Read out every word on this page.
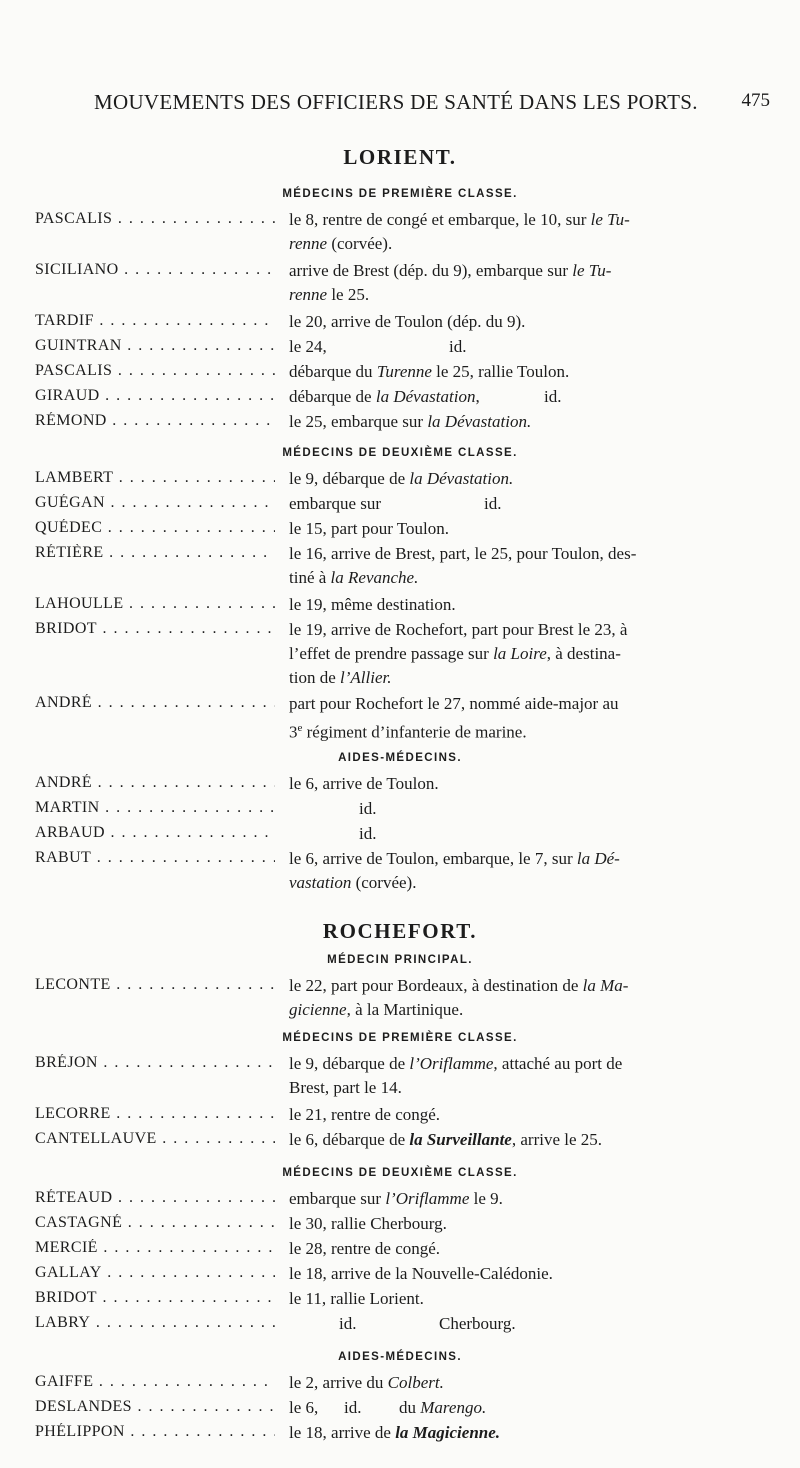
MOUVEMENTS DES OFFICIERS DE SANTÉ DANS LES PORTS. 475
LORIENT.
MÉDECINS DE PREMIÈRE CLASSE.
PASCALIS . . .	le 8, rentre de congé et embarque, le 10, sur le Tu-
renne (corvée).
SICILIANO . . .	arrive de Brest (dép. du 9), embarque sur le Tu-
renne le 25.
TARDIF . . .	le 20, arrive de Toulon (dép. du 9).
GUINTRAN . . .	le 24,	id.
PASCALIS . . .	débarque du Turenne le 25, rallie Toulon.
GIRAUD . . .	débarque de la Dévastation,	id.
RÉMOND . . .	le 25, embarque sur la Dévastation.
MÉDECINS DE DEUXIÈME CLASSE.
LAMBERT . . .	le 9, débarque de la Dévastation.
GUÉGAN . . .	embarque sur	id.
QUÉDEC . . .	le 15, part pour Toulon.
RÉTIÈRE . . .	le 16, arrive de Brest, part, le 25, pour Toulon, des-
tiné à la Revanche.
LAHOULLE . . .	le 19, même destination.
BRIDOT . . .	le 19, arrive de Rochefort, part pour Brest le 23, à
l’effet de prendre passage sur la Loire, à destina-
tion de l’Allier.
ANDRÉ . . .	part pour Rochefort le 27, nommé aide-major au
3e régiment d’infanterie de marine.
AIDES-MÉDECINS.
ANDRÉ . . .	le 6, arrive de Toulon.
MARTIN . . .	id.
ARBAUD . . .	id.
RABUT . . .	le 6, arrive de Toulon, embarque, le 7, sur la Dé-
vastation (corvée).
ROCHEFORT.
MÉDECIN PRINCIPAL.
LECONTE . . .	le 22, part pour Bordeaux, à destination de la Ma-
gicienne, à la Martinique.
MÉDECINS DE PREMIÈRE CLASSE.
BRÉJON . . .	le 9, débarque de l’Oriflamme, attaché au port de
Brest, part le 14.
LECORRE . . .	le 21, rentre de congé.
CANTELLAUVE . . .	le 6, débarque de la Surveillante, arrive le 25.
MÉDECINS DE DEUXIÈME CLASSE.
RÉTEAUD . . .	embarque sur l’Oriflamme le 9.
CASTAGNÉ . . .	le 30, rallie Cherbourg.
MERCIÉ . . .	le 28, rentre de congé.
GALLAY . . .	le 18, arrive de la Nouvelle-Calédonie.
BRIDOT . . .	le 11, rallie Lorient.
LABRY . . .	id.	Cherbourg.
AIDES-MÉDECINS.
GAIFFE . . .	le 2, arrive du Colbert.
DESLANDES . . .	le 6, id. du Marengo.
PHÉLIPPON . . .	le 18, arrive de la Magicienne.
